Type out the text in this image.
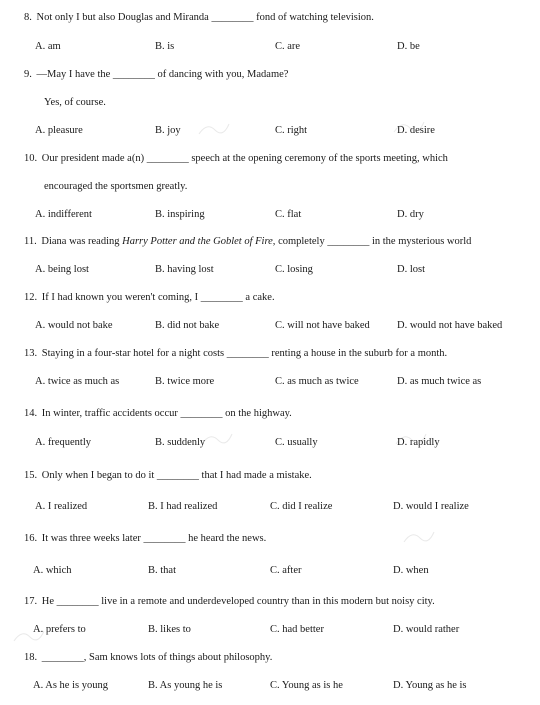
8. Not only I but also Douglas and Miranda ________ fond of watching television.
A. am	B. is	C. are	D. be
9. —May I have the ________ of dancing with you, Madame?
Yes, of course.
A. pleasure	B. joy	C. right	D. desire
10. Our president made a(n) ________ speech at the opening ceremony of the sports meeting, which
encouraged the sportsmen greatly.
A. indifferent	B. inspiring	C. flat	D. dry
11. Diana was reading Harry Potter and the Goblet of Fire, completely ________ in the mysterious world
A. being lost	B. having lost	C. losing	D. lost
12. If I had known you weren't coming, I ________ a cake.
A. would not bake	B. did not bake	C. will not have baked	D. would not have baked
13. Staying in a four-star hotel for a night costs ________ renting a house in the suburb for a month.
A. twice as much as	B. twice more	C. as much as twice	D. as much twice as
14. In winter, traffic accidents occur ________ on the highway.
A. frequently	B. suddenly	C. usually	D. rapidly
15. Only when I began to do it ________ that I had made a mistake.
A. I realized	B. I had realized	C. did I realize	D. would I realize
16. It was three weeks later ________ he heard the news.
A. which	B. that	C. after	D. when
17. He ________ live in a remote and underdeveloped country than in this modern but noisy city.
A. prefers to	B. likes to	C. had better	D. would rather
18. ________, Sam knows lots of things about philosophy.
A. As he is young	B. As young he is	C. Young as is he	D. Young as he is
